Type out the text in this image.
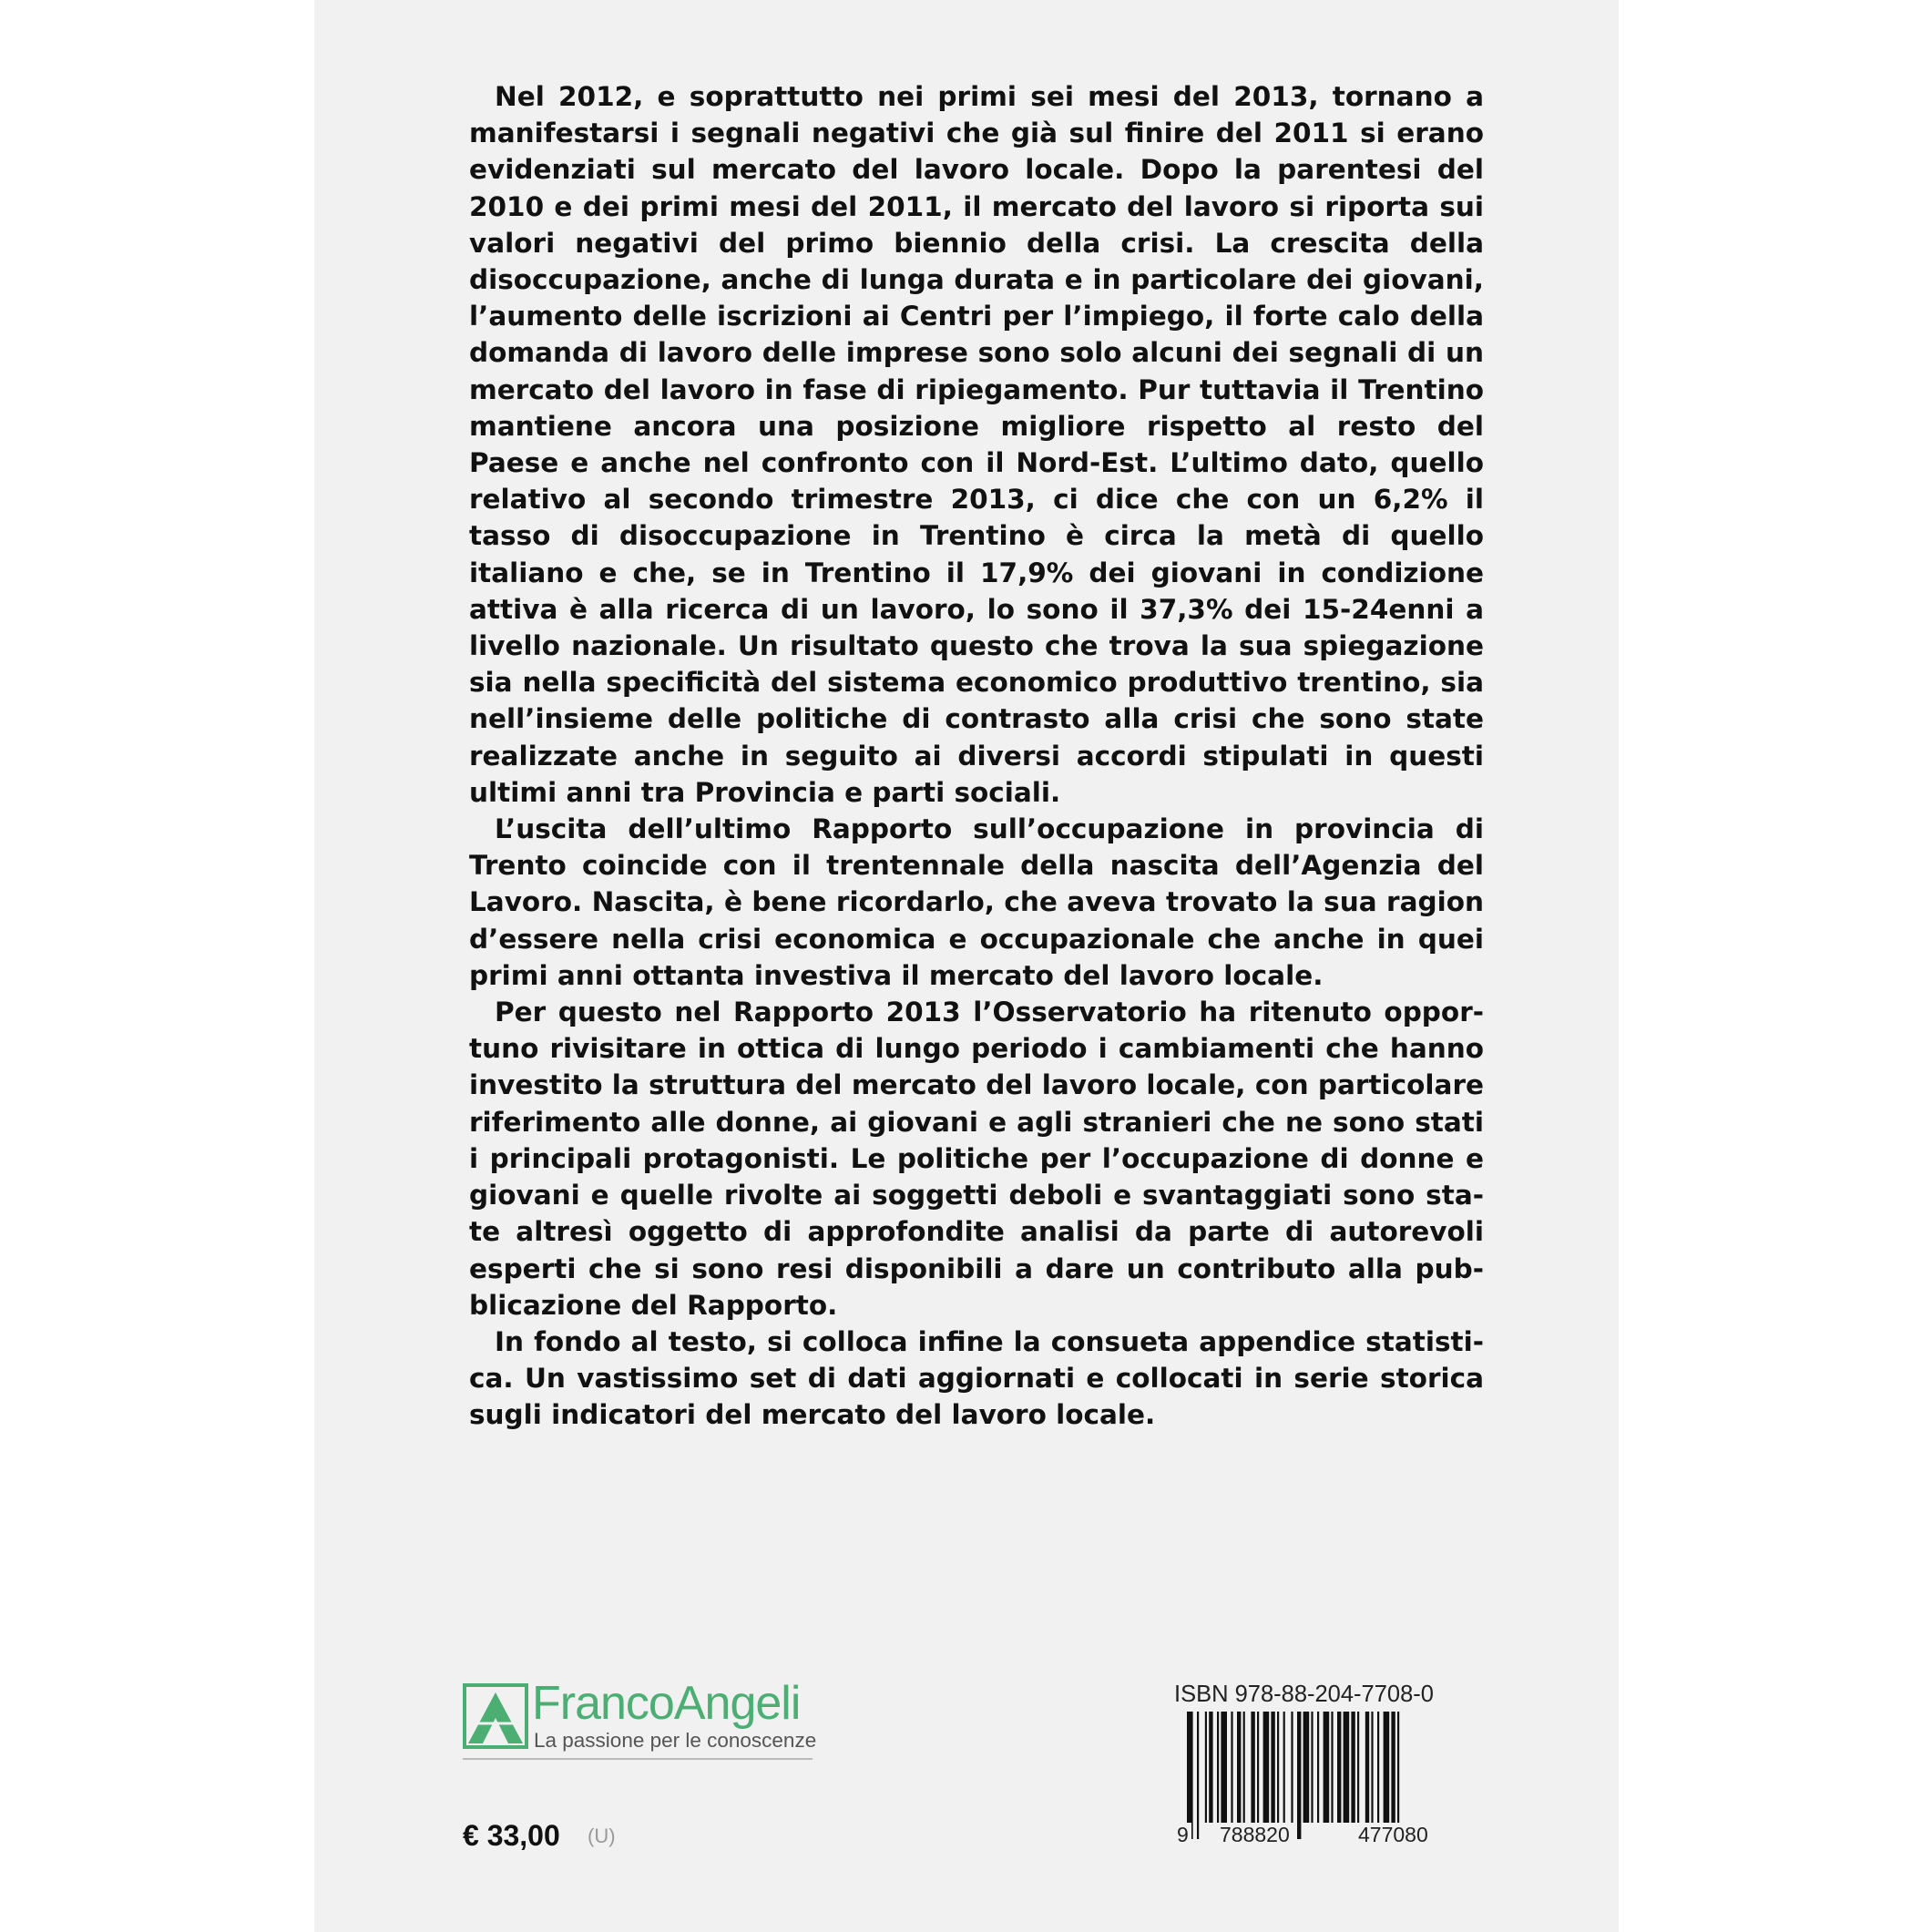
Nel 2012, e soprattutto nei primi sei mesi del 2013, tornano a manifestarsi i segnali negativi che già sul finire del 2011 si erano evidenziati sul mercato del lavoro locale. Dopo la parentesi del 2010 e dei primi mesi del 2011, il mercato del lavoro si riporta sui valori negativi del primo biennio della crisi. La crescita della disoccupazione, anche di lunga durata e in particolare dei giovani, l’aumento delle iscrizioni ai Centri per l’impiego, il forte calo della domanda di lavoro delle imprese sono solo alcuni dei segnali di un mercato del lavoro in fase di ripiegamento. Pur tuttavia il Trentino mantiene ancora una posizione migliore rispetto al resto del Paese e anche nel confronto con il Nord-Est. L’ultimo dato, quello relativo al secondo trimestre 2013, ci dice che con un 6,2% il tasso di disoccupazione in Trentino è circa la metà di quello italiano e che, se in Trentino il 17,9% dei giovani in condizione attiva è alla ricerca di un lavoro, lo sono il 37,3% dei 15-24enni a livello nazionale. Un risultato questo che trova la sua spiegazione sia nella specificità del sistema economico produttivo trentino, sia nell’insieme delle politiche di contrasto alla crisi che sono state realizzate anche in seguito ai diversi accordi stipulati in questi ultimi anni tra Provincia e parti sociali.

L’uscita dell’ultimo Rapporto sull’occupazione in provincia di Trento coincide con il trentennale della nascita dell’Agenzia del Lavoro. Nascita, è bene ricordarlo, che aveva trovato la sua ragion d’essere nella crisi economica e occupazionale che anche in quei primi anni ottanta investiva il mercato del lavoro locale.

Per questo nel Rapporto 2013 l’Osservatorio ha ritenuto opportuno rivisitare in ottica di lungo periodo i cambiamenti che hanno investito la struttura del mercato del lavoro locale, con particolare riferimento alle donne, ai giovani e agli stranieri che ne sono stati i principali protagonisti. Le politiche per l’occupazione di donne e giovani e quelle rivolte ai soggetti deboli e svantaggiati sono state altresì oggetto di approfondite analisi da parte di autorevoli esperti che si sono resi disponibili a dare un contributo alla pubblicazione del Rapporto.

In fondo al testo, si colloca infine la consueta appendice statistica. Un vastissimo set di dati aggiornati e collocati in serie storica sugli indicatori del mercato del lavoro locale.

FrancoAngeli
La passione per le conoscenze
€ 33,00 (U)
ISBN 978-88-204-7708-0
9 788820	477080
